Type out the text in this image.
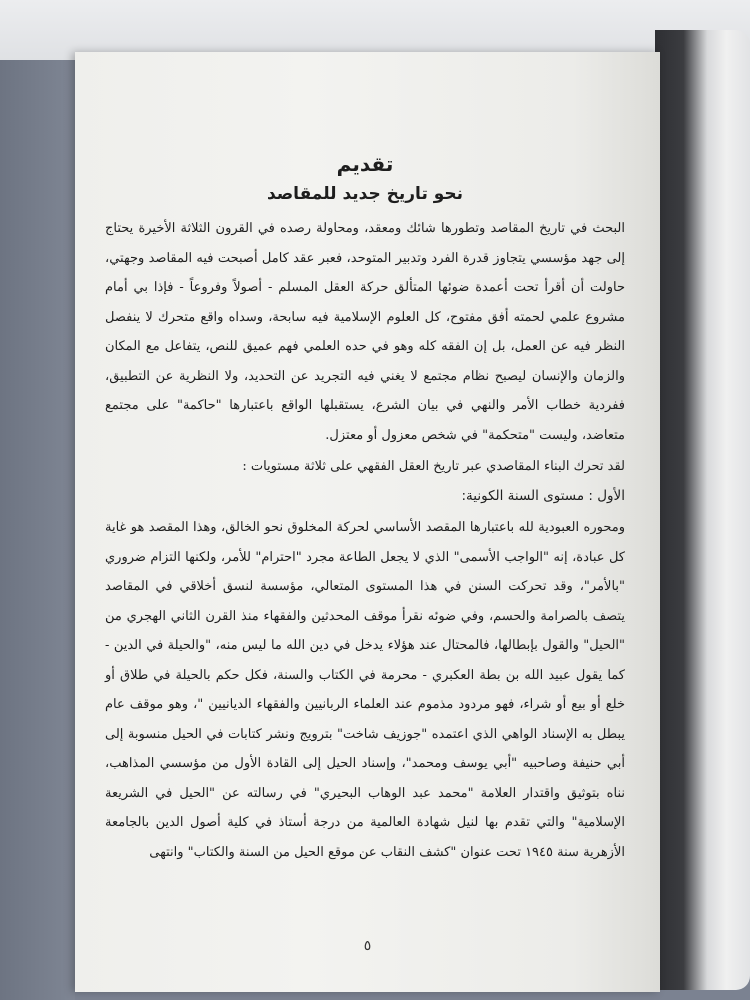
تقديم
نحو تاريخ جديد للمقاصد

البحث في تاريخ المقاصد وتطورها شائك ومعقد، ومحاولة رصده في القرون الثلاثة الأخيرة يحتاج إلى جهد مؤسسي يتجاوز قدرة الفرد وتدبير المتوحد، فعبر عقد كامل أصبحت فيه المقاصد وجهتي، حاولت أن أقرأ تحت أعمدة ضوئها المتألق حركة العقل المسلم - أصولاً وفروعاً - فإذا بي أمام مشروع علمي لحمته أفق مفتوح، كل العلوم الإسلامية فيه سابحة، وسداه واقع متحرك لا ينفصل النظر فيه عن العمل، بل إن الفقه كله وهو في حده العلمي فهم عميق للنص، يتفاعل مع المكان والزمان والإنسان ليصبح نظام مجتمع لا يغني فيه التجريد عن التحديد، ولا النظرية عن التطبيق، ففردية خطاب الأمر والنهي في بيان الشرع، يستقبلها الواقع باعتبارها "حاكمة" على مجتمع متعاضد، وليست "متحكمة" في شخص معزول أو معتزل.

لقد تحرك البناء المقاصدي عبر تاريخ العقل الفقهي على ثلاثة مستويات :

الأول : مستوى السنة الكونية:

ومحوره العبودية لله باعتبارها المقصد الأساسي لحركة المخلوق نحو الخالق، وهذا المقصد هو غاية كل عبادة، إنه "الواجب الأسمى" الذي لا يجعل الطاعة مجرد "احترام" للأمر، ولكنها التزام ضروري "بالأمر"، وقد تحركت السنن في هذا المستوى المتعالي، مؤسسة لنسق أخلاقي في المقاصد يتصف بالصرامة والحسم، وفي ضوئه نقرأ موقف المحدثين والفقهاء منذ القرن الثاني الهجري من "الحيل" والقول بإبطالها، فالمحتال عند هؤلاء يدخل في دين الله ما ليس منه، "والحيلة في الدين - كما يقول عبيد الله بن بطة العكبري - محرمة في الكتاب والسنة، فكل حكم بالحيلة في طلاق أو خلع أو بيع أو شراء، فهو مردود مذموم عند العلماء الربانيين والفقهاء الديانيين "، وهو موقف عام يبطل به الإسناد الواهي الذي اعتمده "جوزيف شاخت" بترويج ونشر كتابات في الحيل منسوبة إلى أبي حنيفة وصاحبيه "أبي يوسف ومحمد"، وإسناد الحيل إلى القادة الأول من مؤسسي المذاهب، نناه بتوثيق واقتدار العلامة "محمد عبد الوهاب البحيري" في رسالته عن "الحيل في الشريعة الإسلامية" والتي تقدم بها لنيل شهادة العالمية من درجة أستاذ في كلية أصول الدين بالجامعة الأزهرية سنة ١٩٤٥ تحت عنوان "كشف النقاب عن موقع الحيل من السنة والكتاب" وانتهى

٥
